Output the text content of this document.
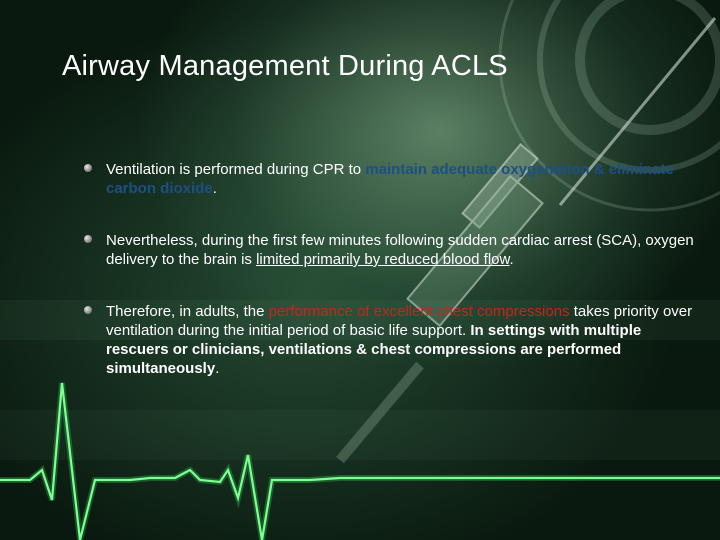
Airway Management During ACLS
Ventilation is performed during CPR to maintain adequate oxygenation & eliminate carbon dioxide.
Nevertheless, during the first few minutes following sudden cardiac arrest (SCA), oxygen delivery to the brain is limited primarily by reduced blood flow.
Therefore, in adults, the performance of excellent chest compressions takes priority over ventilation during the initial period of basic life support. In settings with multiple rescuers or clinicians, ventilations & chest compressions are performed simultaneously.
